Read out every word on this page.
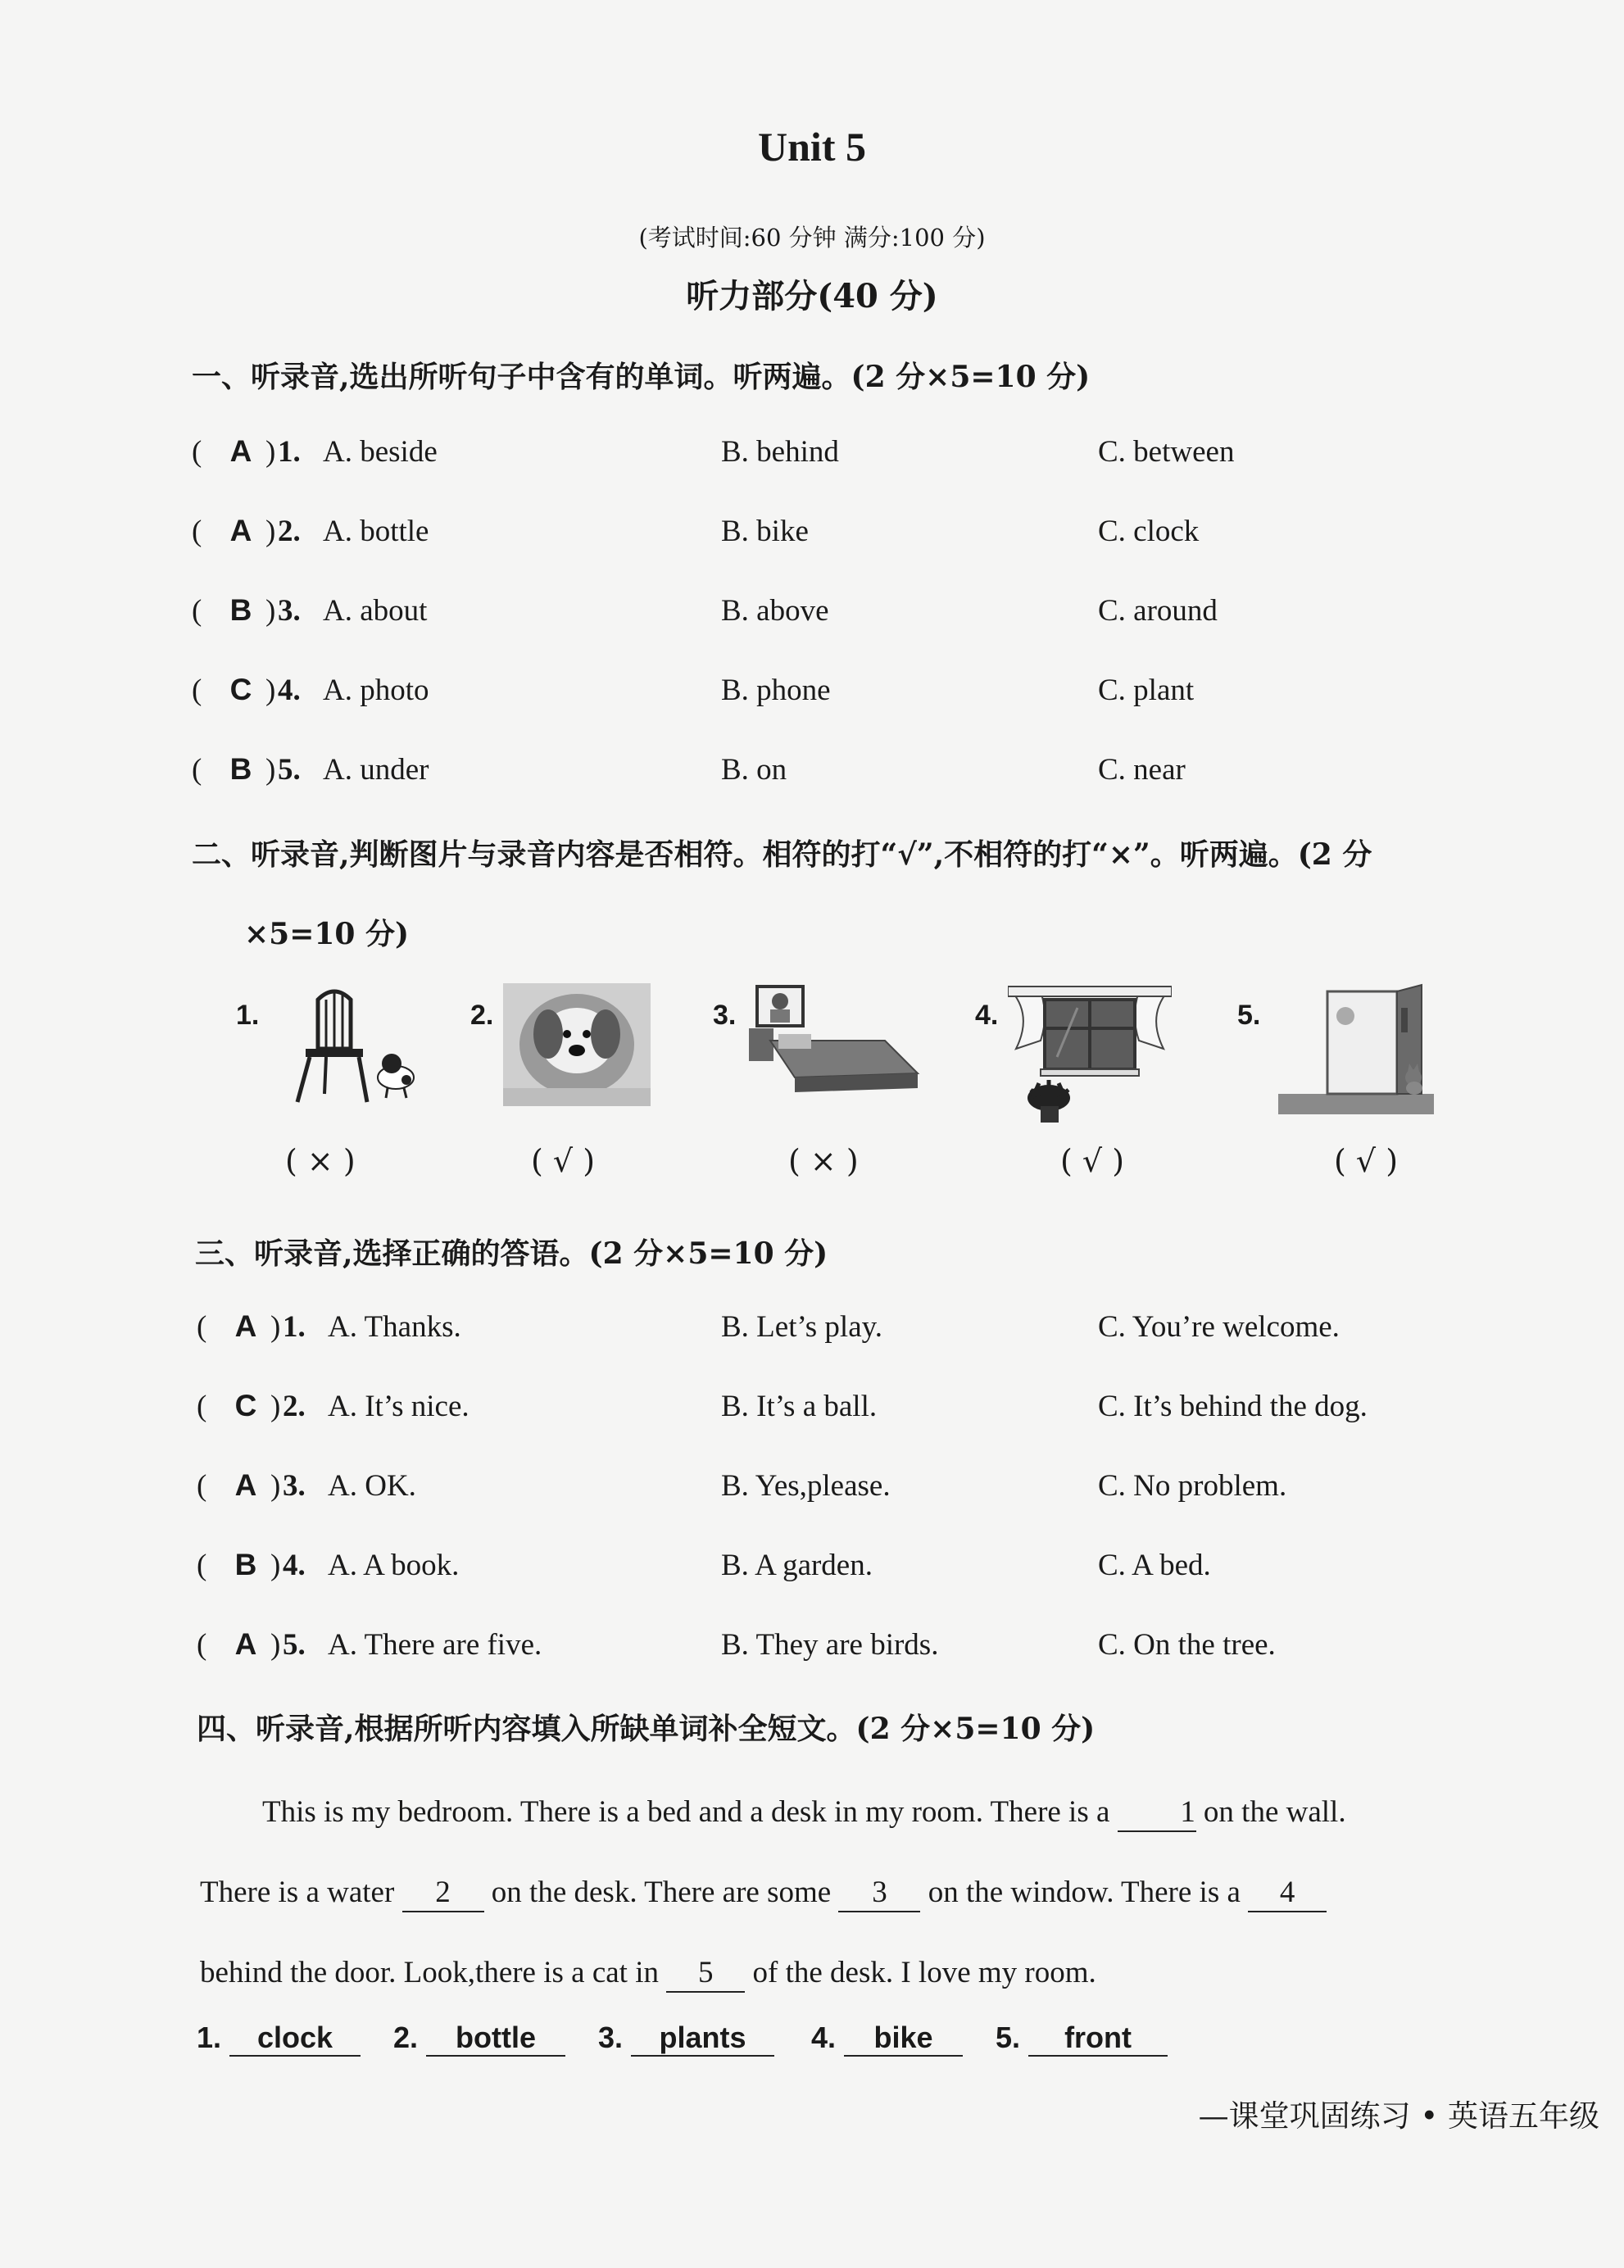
Unit 5
(考试时间:60 分钟 满分:100 分)
听力部分(40 分)
一、听录音,选出所听句子中含有的单词。听两遍。(2 分×5=10 分)
( A ) 1. A. beside	B. behind	C. between
( A ) 2. A. bottle	B. bike	C. clock
( B ) 3. A. about	B. above	C. around
( C ) 4. A. photo	B. phone	C. plant
( B ) 5. A. under	B. on	C. near
二、听录音,判断图片与录音内容是否相符。相符的打“√”,不相符的打“×”。听两遍。(2 分
×5=10 分)
1.
( × )
2.
( √ )
3.
( × )
4.
( √ )
5.
( √ )
三、听录音,选择正确的答语。(2 分×5=10 分)
( A ) 1. A. Thanks.	B. Let’s play.	C. You’re welcome.
( C ) 2. A. It’s nice.	B. It’s a ball.	C. It’s behind the dog.
( A ) 3. A. OK.	B. Yes,please.	C. No problem.
( B ) 4. A. A book.	B. A garden.	C. A bed.
( A ) 5. A. There are five.	B. They are birds.	C. On the tree.
四、听录音,根据所听内容填入所缺单词补全短文。(2 分×5=10 分)
This is my bedroom. There is a bed and a desk in my room. There is a 1 on the wall.
There is a water 2 on the desk. There are some 3 on the window. There is a 4
behind the door. Look,there is a cat in 5 of the desk. I love my room.
1. clock	2. bottle	3. plants	4. bike	5. front
—课堂巩固练习 • 英语五年级
